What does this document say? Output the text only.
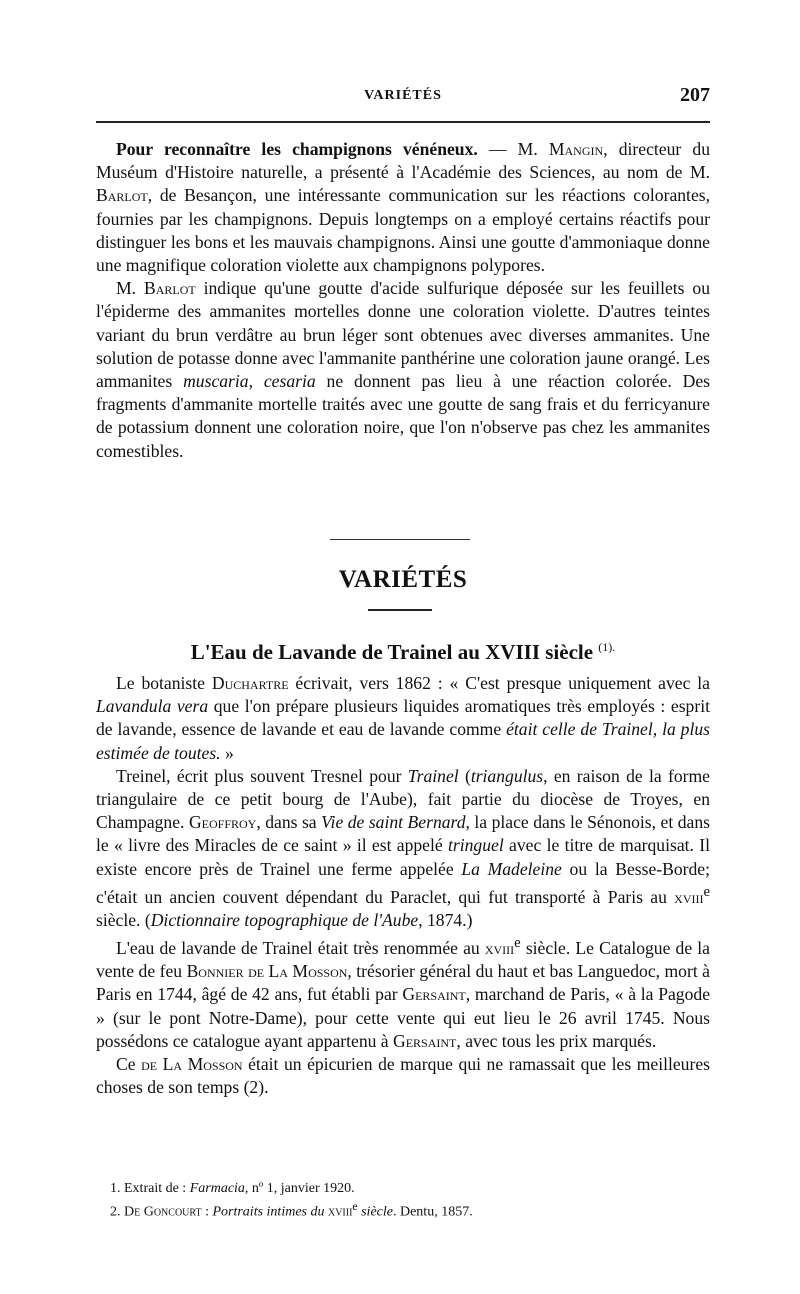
VARIÉTÉS	207

Pour reconnaître les champignons vénéneux. — M. Mangin, directeur du Muséum d'Histoire naturelle, a présenté à l'Académie des Sciences, au nom de M. Barlot, de Besançon, une intéressante communication sur les réactions colorantes, fournies par les champignons. Depuis longtemps on a employé certains réactifs pour distinguer les bons et les mauvais champignons. Ainsi une goutte d'ammoniaque donne une magnifique coloration violette aux champignons polypores.

M. Barlot indique qu'une goutte d'acide sulfurique déposée sur les feuillets ou l'épiderme des ammanites mortelles donne une coloration violette. D'autres teintes variant du brun verdâtre au brun léger sont obtenues avec diverses ammanites. Une solution de potasse donne avec l'ammanite panthérine une coloration jaune orangé. Les ammanites muscaria, cesaria ne donnent pas lieu à une réaction colorée. Des fragments d'ammanite mortelle traités avec une goutte de sang frais et du ferricyanure de potassium donnent une coloration noire, que l'on n'observe pas chez les ammanites comestibles.

VARIÉTÉS
L'Eau de Lavande de Trainel au XVIII siècle $^{(1).}$

Le botaniste Duchartre écrivait, vers 1862 : « C'est presque uniquement avec la Lavandula vera que l'on prépare plusieurs liquides aromatiques très employés : esprit de lavande, essence de lavande et eau de lavande comme était celle de Trainel, la plus estimée de toutes. »

Treinel, écrit plus souvent Tresnel pour Trainel (triangulus, en raison de la forme triangulaire de ce petit bourg de l'Aube), fait partie du diocèse de Troyes, en Champagne. Geoffroy, dans sa Vie de saint Bernard, la place dans le Sénonois, et dans le « livre des Miracles de ce saint » il est appelé tringuel avec le titre de marquisat. Il existe encore près de Trainel une ferme appelée La Madeleine ou la Besse-Borde; c'était un ancien couvent dépendant du Paraclet, qui fut transporté à Paris au xviii$^e$ siècle. (Dictionnaire topographique de l'Aube, 1874.)

L'eau de lavande de Trainel était très renommée au xviii$^e$ siècle. Le Catalogue de la vente de feu Bonnier de La Mosson, trésorier général du haut et bas Languedoc, mort à Paris en 1744, âgé de 42 ans, fut établi par Gersaint, marchand de Paris, « à la Pagode » (sur le pont Notre-Dame), pour cette vente qui eut lieu le 26 avril 1745. Nous possédons ce catalogue ayant appartenu à Gersaint, avec tous les prix marqués.

Ce de La Mosson était un épicurien de marque qui ne ramassait que les meilleures choses de son temps (2).

1. Extrait de : Farmacia, nº 1, janvier 1920.
2. De Goncourt : Portraits intimes du xviii$^e$ siècle. Dentu, 1857.
